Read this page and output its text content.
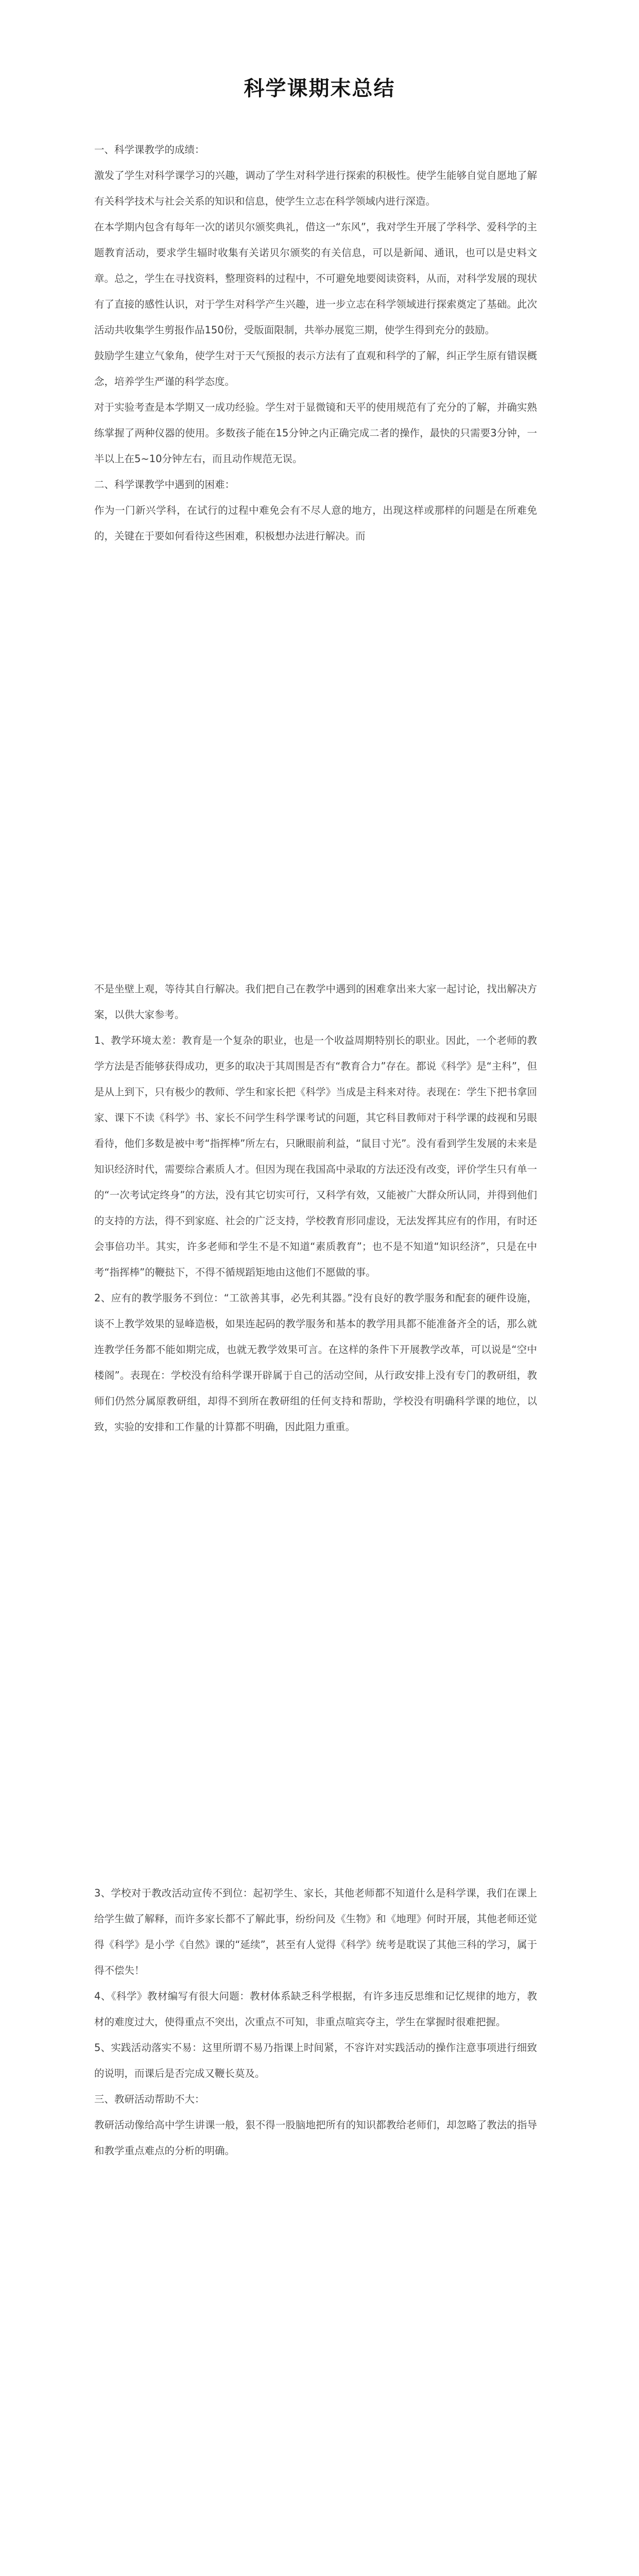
科学课期末总结

一、科学课教学的成绩：

激发了学生对科学课学习的兴趣，调动了学生对科学进行探索的积极性。使学生能够自觉自愿地了解有关科学技术与社会关系的知识和信息，使学生立志在科学领域内进行深造。

在本学期内包含有每年一次的诺贝尔颁奖典礼，借这一“东风”，我对学生开展了学科学、爱科学的主题教育活动，要求学生辐时收集有关诺贝尔颁奖的有关信息，可以是新闻、通讯，也可以是史料文章。总之，学生在寻找资料，整理资料的过程中，不可避免地要阅读资料，从而，对科学发展的现状有了直接的感性认识，对于学生对科学产生兴趣，进一步立志在科学领域进行探索奠定了基础。此次活动共收集学生剪报作品150份，受版面限制，共举办展览三期，使学生得到充分的鼓励。

鼓励学生建立气象角，使学生对于天气预报的表示方法有了直观和科学的了解，纠正学生原有错误概念，培养学生严谨的科学态度。

对于实验考查是本学期又一成功经验。学生对于显微镜和天平的使用规范有了充分的了解，并确实熟练掌握了两种仪器的使用。多数孩子能在15分钟之内正确完成二者的操作，最快的只需要3分钟，一半以上在5~10分钟左右，而且动作规范无误。

二、科学课教学中遇到的困难：

作为一门新兴学科，在试行的过程中难免会有不尽人意的地方，出现这样或那样的问题是在所难免的，关键在于要如何看待这些困难，积极想办法进行解决。而

不是坐壁上观，等待其自行解决。我们把自己在教学中遇到的困难拿出来大家一起讨论，找出解决方案，以供大家参考。

1、教学环境太差：教育是一个复杂的职业，也是一个收益周期特别长的职业。因此，一个老师的教学方法是否能够获得成功，更多的取决于其周围是否有“教育合力”存在。都说《科学》是“主科”，但是从上到下，只有极少的教师、学生和家长把《科学》当成是主科来对待。表现在：学生下把书拿回家、课下不读《科学》书、家长不问学生科学课考试的问题，其它科目教师对于科学课的歧视和另眼看待，他们多数是被中考“指挥棒”所左右，只瞅眼前利益，“鼠目寸光”。没有看到学生发展的未来是知识经济时代，需要综合素质人才。但因为现在我国高中录取的方法还没有改变，评价学生只有单一的“一次考试定终身”的方法，没有其它切实可行，又科学有效，又能被广大群众所认同，并得到他们的支持的方法，得不到家庭、社会的广泛支持，学校教育形同虚设，无法发挥其应有的作用，有时还会事倍功半。其实，许多老师和学生不是不知道“素质教育”；也不是不知道“知识经济”，只是在中考“指挥棒”的鞭挞下，不得不循规蹈矩地由这他们不愿做的事。

2、应有的教学服务不到位：“工欲善其事，必先利其器。”没有良好的教学服务和配套的硬件设施，谈不上教学效果的显峰造极，如果连起码的教学服务和基本的教学用具都不能准备齐全的话，那么就连教学任务都不能如期完成，也就无教学效果可言。在这样的条件下开展教学改革，可以说是“空中楼阁”。表现在：学校没有给科学课开辟属于自己的活动空间，从行政安排上没有专门的教研组，教师们仍然分属原教研组，却得不到所在教研组的任何支持和帮助，学校没有明确科学课的地位，以致，实验的安排和工作量的计算都不明确，因此阻力重重。

3、学校对于教改活动宣传不到位：起初学生、家长，其他老师都不知道什么是科学课，我们在课上给学生做了解释，而许多家长都不了解此事，纷纷问及《生物》和《地理》何时开展，其他老师还觉得《科学》是小学《自然》课的“延续”，甚至有人觉得《科学》统考是耽误了其他三科的学习，属于得不偿失！

4、《科学》教材编写有很大问题：教材体系缺乏科学根据，有许多违反思维和记忆规律的地方，教材的难度过大，使得重点不突出，次重点不可知，非重点喧宾夺主，学生在掌握时很难把握。

5、实践活动落实不易：这里所谓不易乃指课上时间紧，不容许对实践活动的操作注意事项进行细致的说明，而课后是否完成又鞭长莫及。

三、教研活动帮助不大：

教研活动像给高中学生讲课一般，狠不得一股脑地把所有的知识都教给老师们，却忽略了教法的指导和教学重点难点的分析的明确。
